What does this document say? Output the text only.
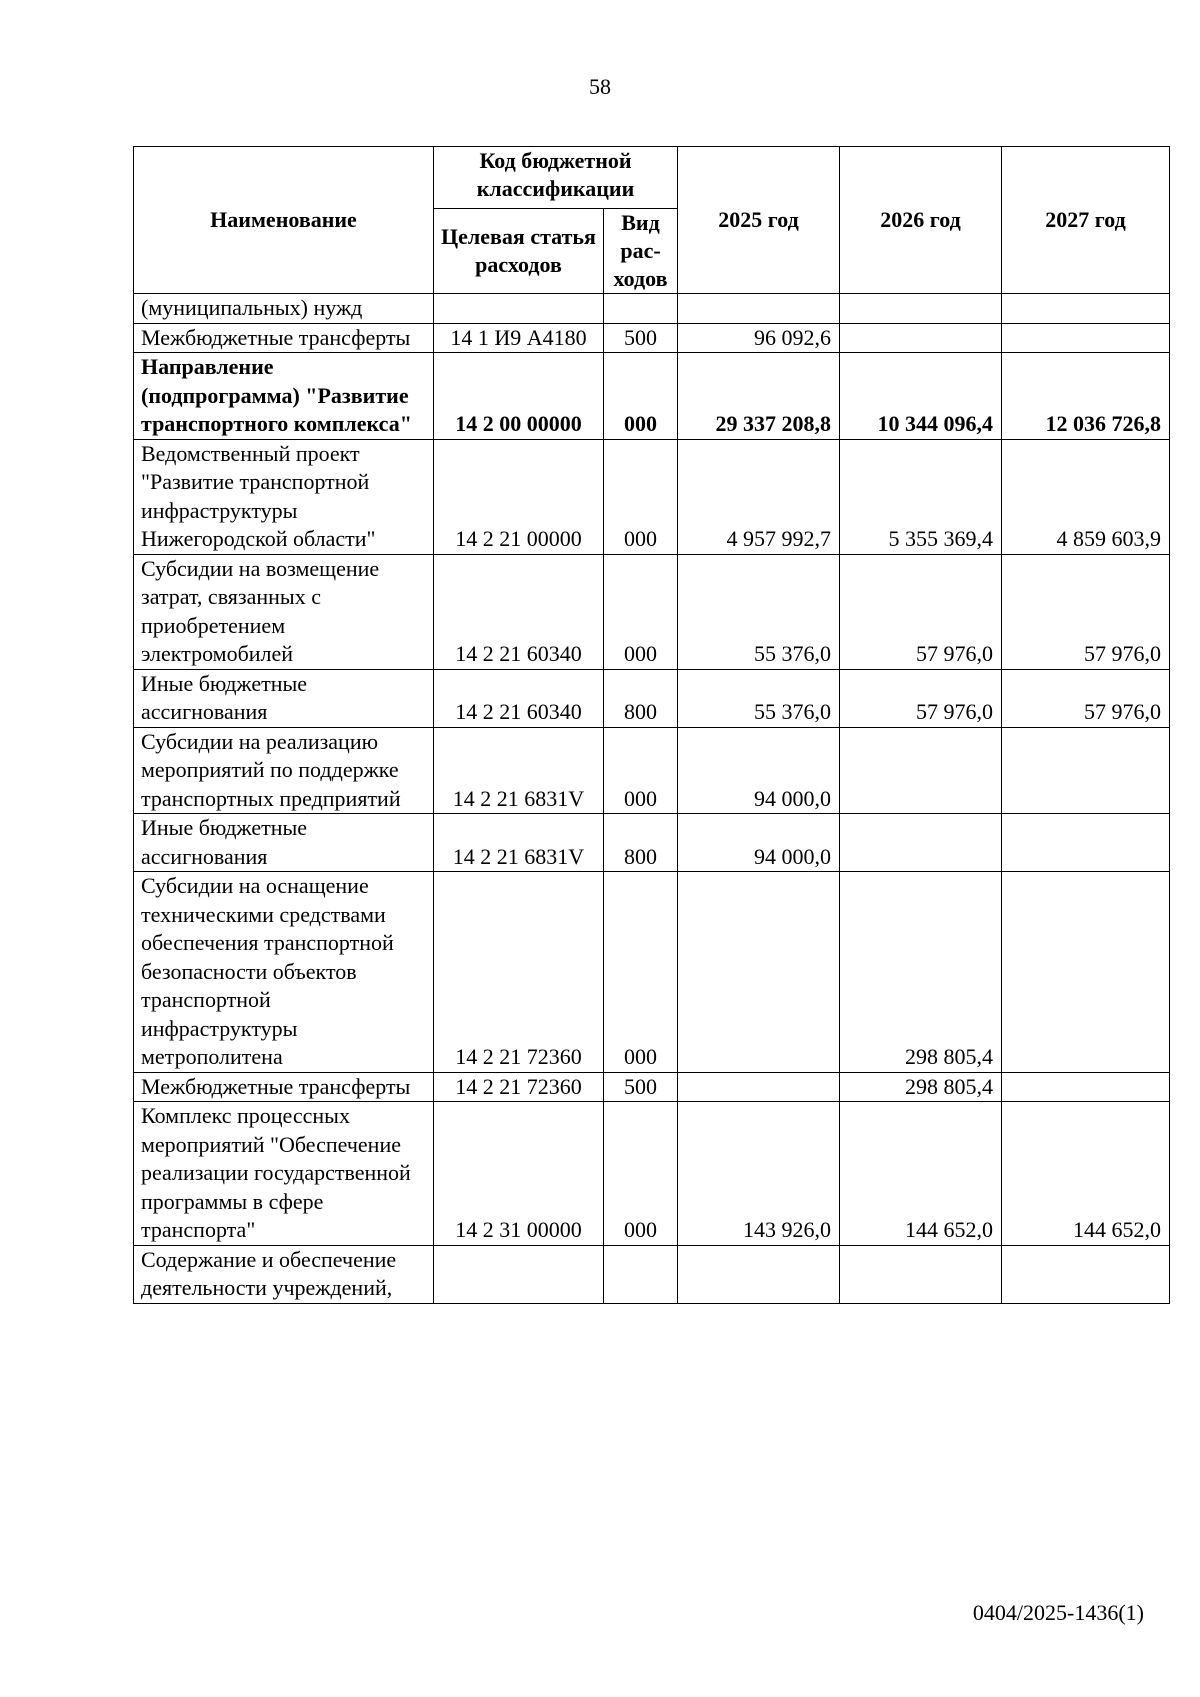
58
Наименование	Код бюджетной классификации		2025 год	2026 год	2027 год
	Целевая статья расходов	Вид рас-ходов			
(муниципальных) нужд					
Межбюджетные трансферты	14 1 И9 А4180	500	96 092,6		
Направление (подпрограмма) "Развитие транспортного комплекса"	14 2 00 00000	000	29 337 208,8	10 344 096,4	12 036 726,8
Ведомственный проект "Развитие транспортной инфраструктуры Нижегородской области"	14 2 21 00000	000	4 957 992,7	5 355 369,4	4 859 603,9
Субсидии на возмещение затрат, связанных с приобретением электромобилей	14 2 21 60340	000	55 376,0	57 976,0	57 976,0
Иные бюджетные ассигнования	14 2 21 60340	800	55 376,0	57 976,0	57 976,0
Субсидии на реализацию мероприятий по поддержке транспортных предприятий	14 2 21 6831V	000	94 000,0		
Иные бюджетные ассигнования	14 2 21 6831V	800	94 000,0		
Субсидии на оснащение техническими средствами обеспечения транспортной безопасности объектов транспортной инфраструктуры метрополитена	14 2 21 72360	000		298 805,4	
Межбюджетные трансферты	14 2 21 72360	500		298 805,4	
Комплекс процессных мероприятий "Обеспечение реализации государственной программы в сфере транспорта"	14 2 31 00000	000	143 926,0	144 652,0	144 652,0
Содержание и обеспечение деятельности учреждений,					
0404/2025-1436(1)
